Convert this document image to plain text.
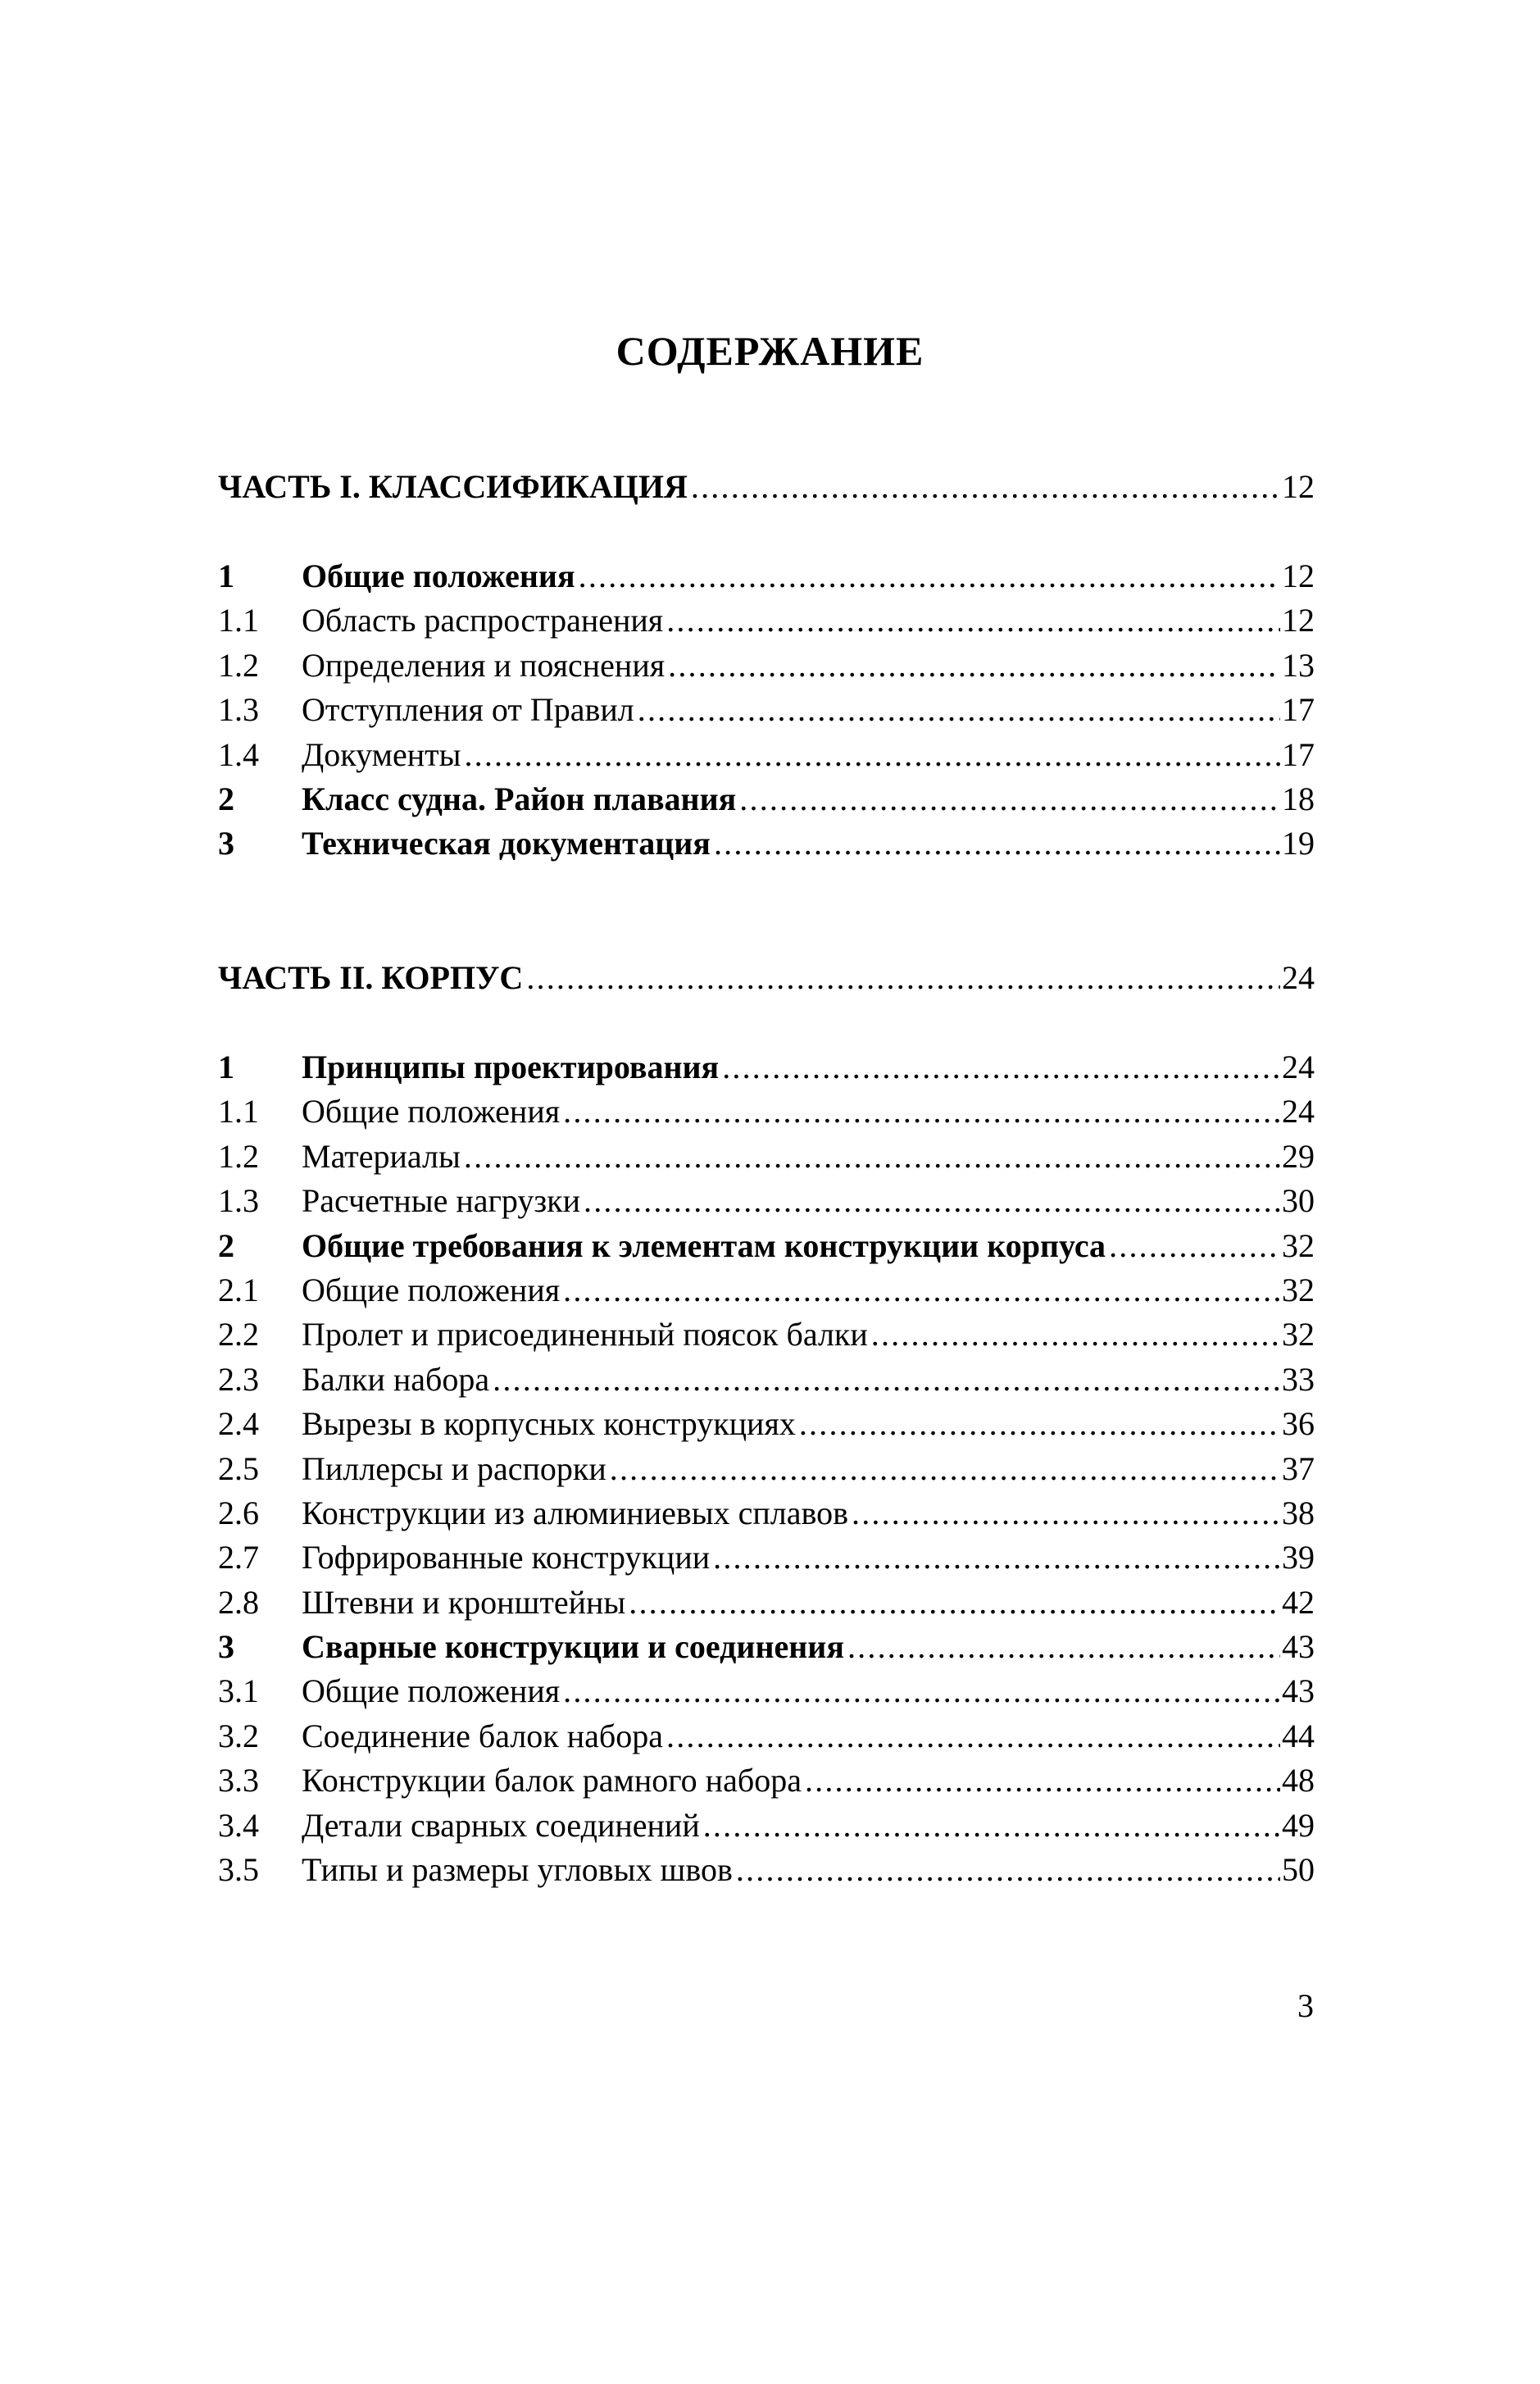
СОДЕРЖАНИЕ
ЧАСТЬ I. КЛАССИФИКАЦИЯ .....	12
1	Общие положения .....	12
1.1	Область распространения .....	12
1.2	Определения и пояснения .....	13
1.3	Отступления от Правил .....	17
1.4	Документы .....	17
2	Класс судна. Район плавания .....	18
3	Техническая документация .....	19
ЧАСТЬ II. КОРПУС .....	24
1	Принципы проектирования .....	24
1.1	Общие положения .....	24
1.2	Материалы .....	29
1.3	Расчетные нагрузки .....	30
2	Общие требования к элементам конструкции корпуса .....	32
2.1	Общие положения .....	32
2.2	Пролет и присоединенный поясок балки .....	32
2.3	Балки набора .....	33
2.4	Вырезы в корпусных конструкциях .....	36
2.5	Пиллерсы и распорки .....	37
2.6	Конструкции из алюминиевых сплавов .....	38
2.7	Гофрированные конструкции .....	39
2.8	Штевни и кронштейны .....	42
3	Сварные конструкции и соединения .....	43
3.1	Общие положения .....	43
3.2	Соединение балок набора .....	44
3.3	Конструкции балок рамного набора .....	48
3.4	Детали сварных соединений .....	49
3.5	Типы и размеры угловых швов .....	50
3
